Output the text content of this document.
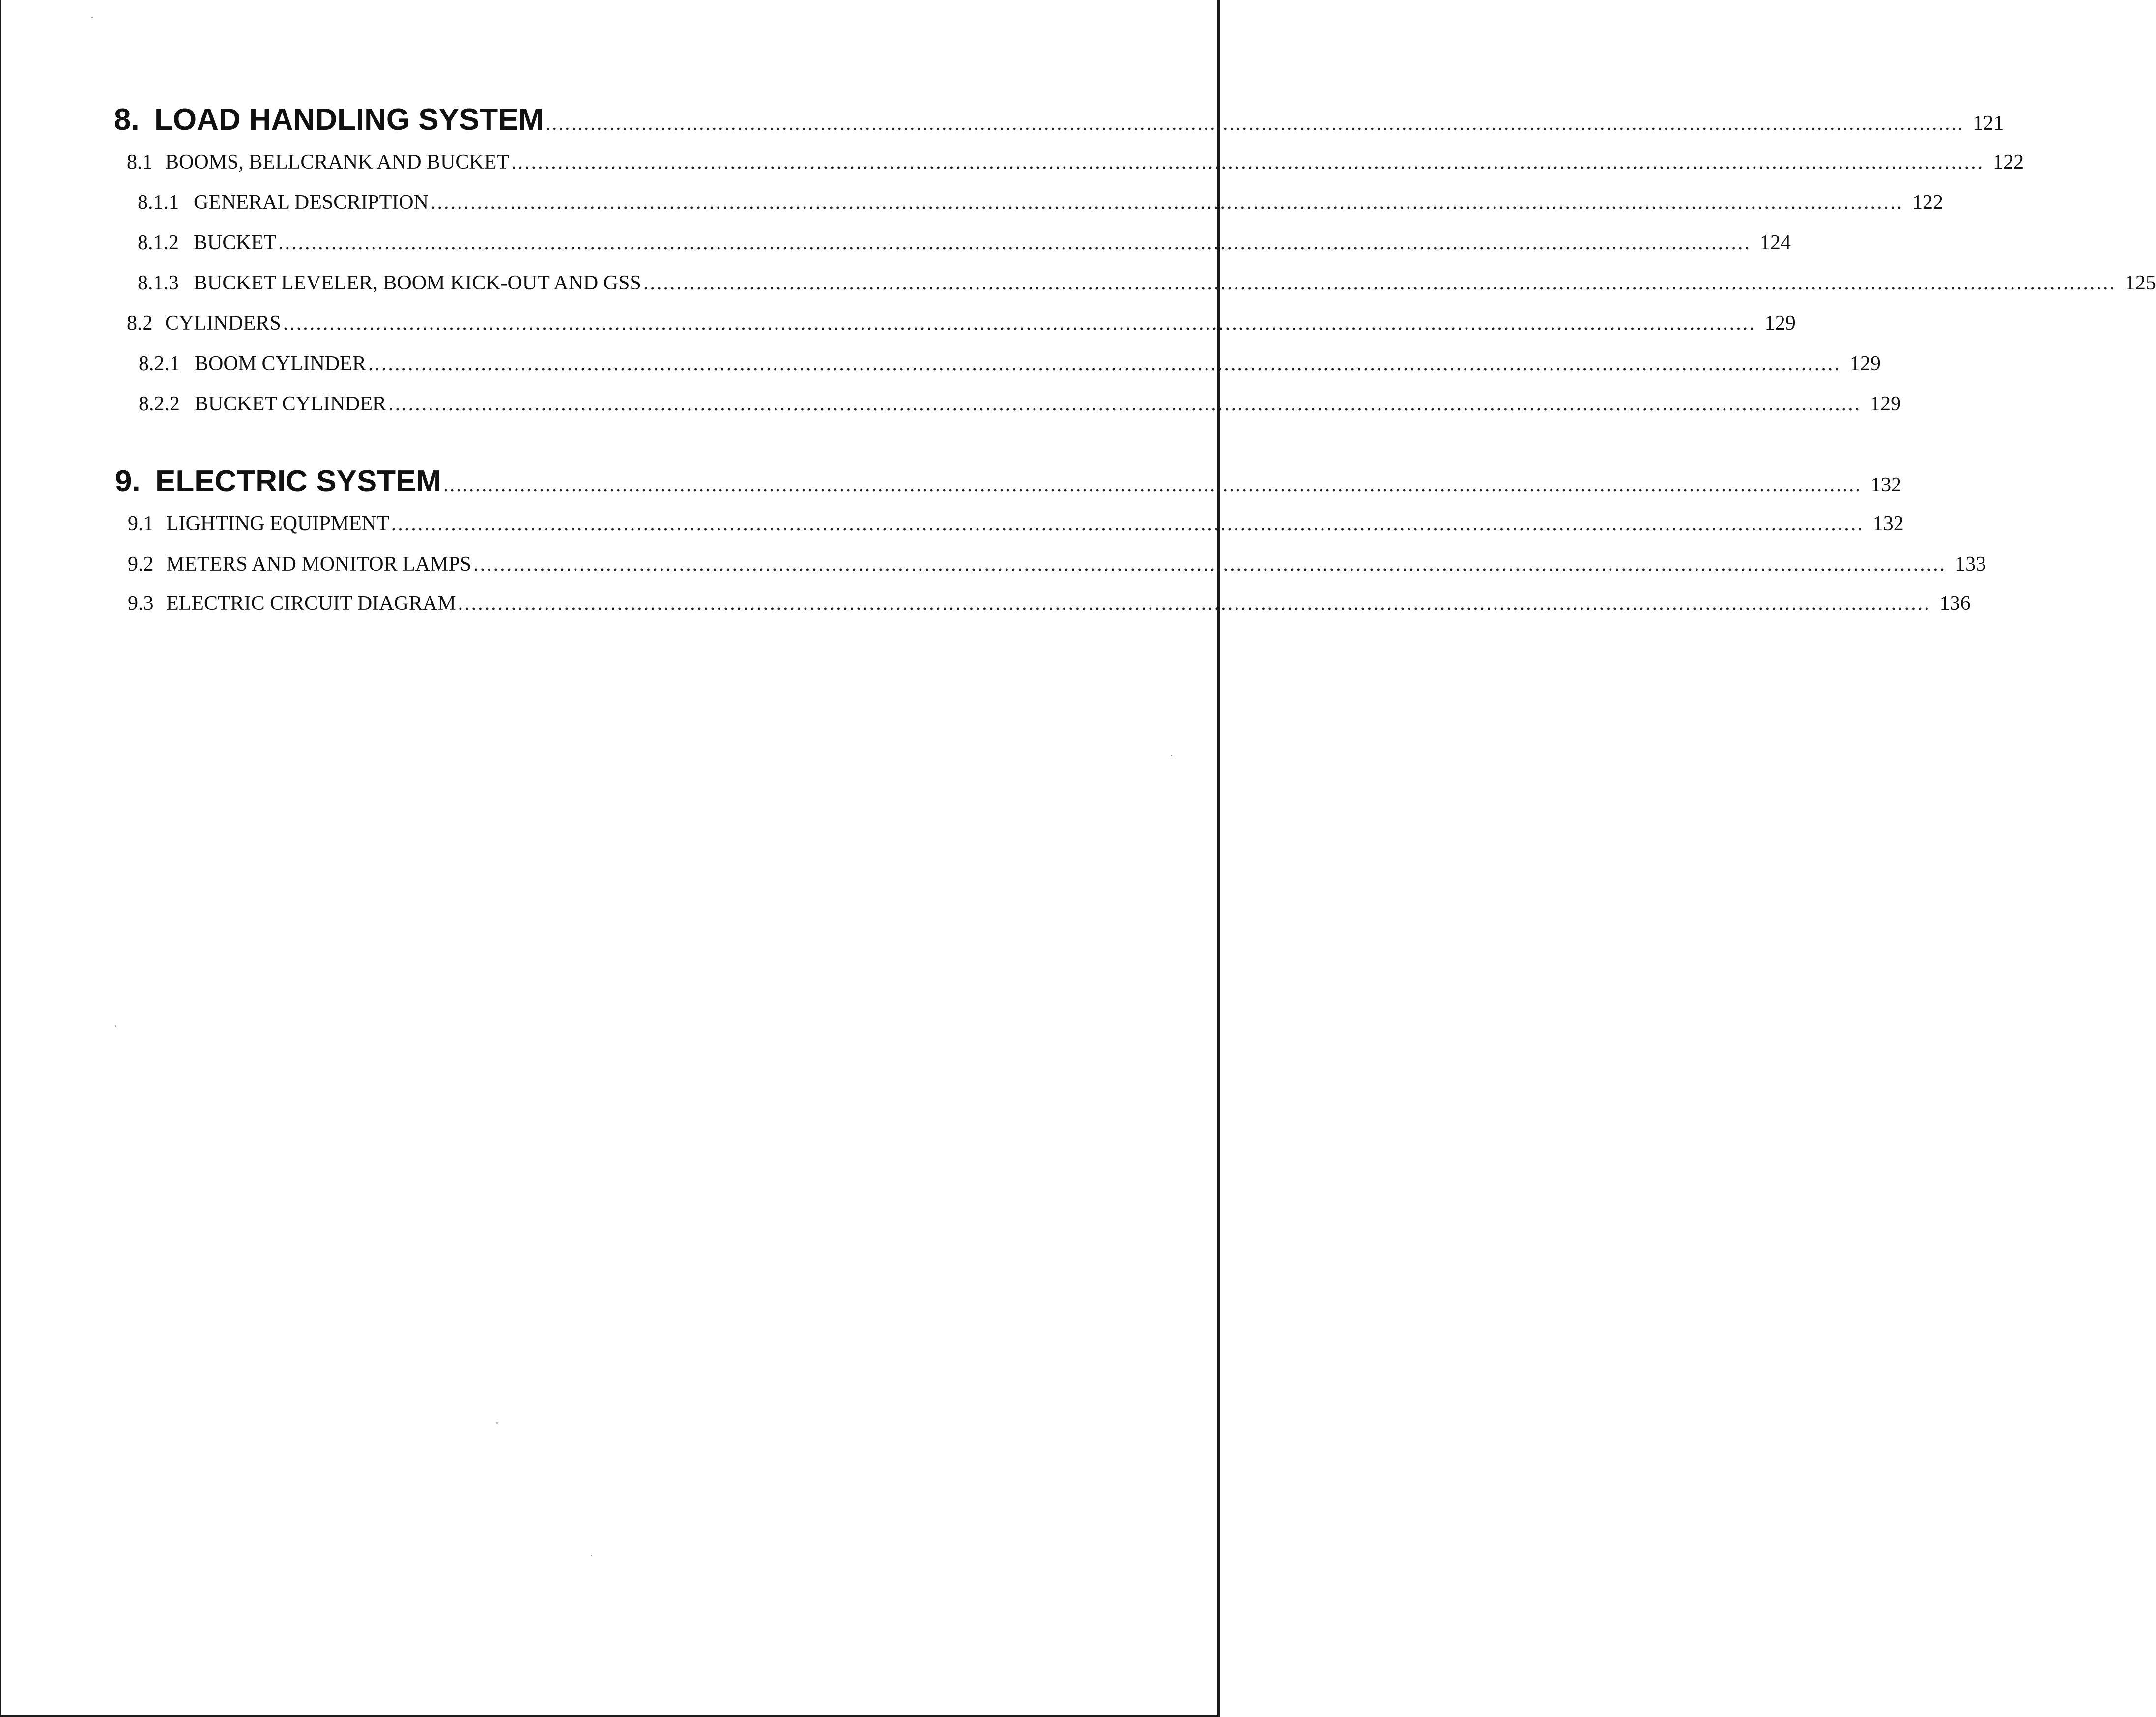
8. LOAD HANDLING SYSTEM .............................................................................................................................................................................................................................. 121
8.1 BOOMS, BELLCRANK AND BUCKET .............................................................................................................................................................................................................................. 122
8.1.1 GENERAL DESCRIPTION .............................................................................................................................................................................................................................. 122
8.1.2 BUCKET .............................................................................................................................................................................................................................. 124
8.1.3 BUCKET LEVELER, BOOM KICK-OUT AND GSS .............................................................................................................................................................................................................................. 125
8.2 CYLINDERS .............................................................................................................................................................................................................................. 129
8.2.1 BOOM CYLINDER .............................................................................................................................................................................................................................. 129
8.2.2 BUCKET CYLINDER .............................................................................................................................................................................................................................. 129
9. ELECTRIC SYSTEM .............................................................................................................................................................................................................................. 132
9.1 LIGHTING EQUIPMENT .............................................................................................................................................................................................................................. 132
9.2 METERS AND MONITOR LAMPS .............................................................................................................................................................................................................................. 133
9.3 ELECTRIC CIRCUIT DIAGRAM .............................................................................................................................................................................................................................. 136
